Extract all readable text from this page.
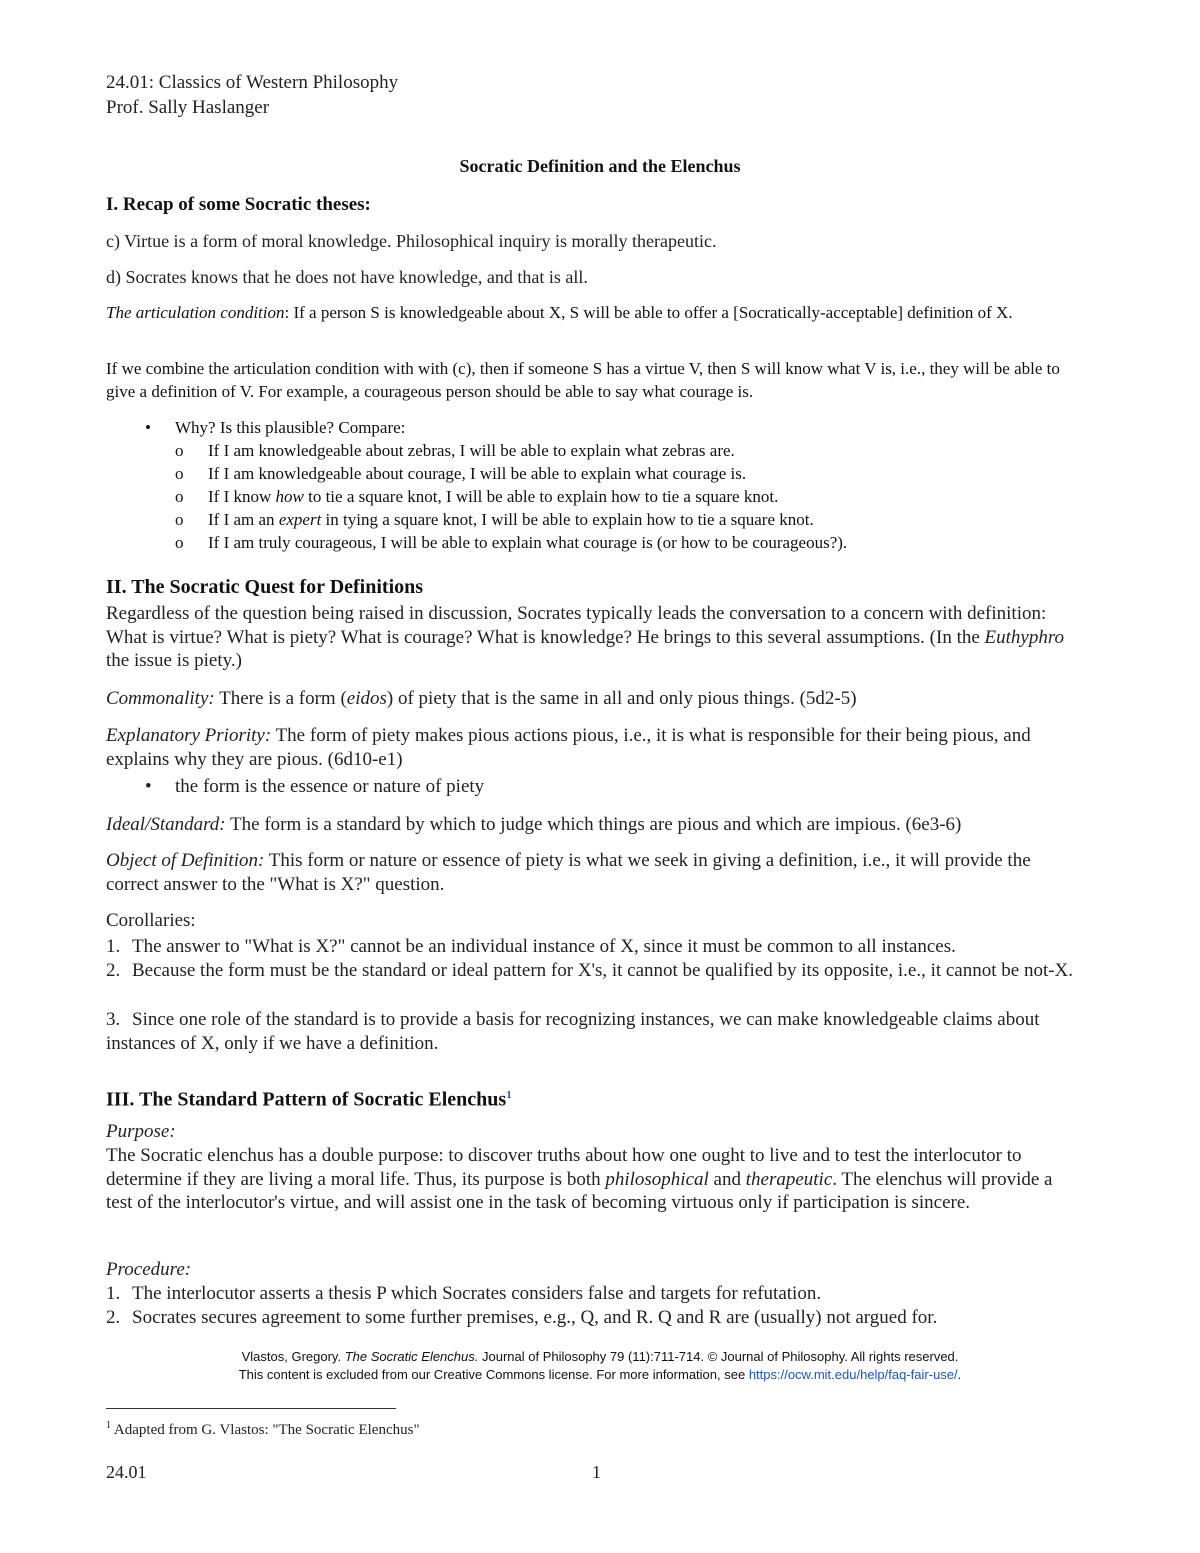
24.01: Classics of Western Philosophy
Prof. Sally Haslanger
Socratic Definition and the Elenchus
I. Recap of some Socratic theses:
c) Virtue is a form of moral knowledge. Philosophical inquiry is morally therapeutic.
d) Socrates knows that he does not have knowledge, and that is all.
The articulation condition: If a person S is knowledgeable about X, S will be able to offer a [Socratically-acceptable] definition of X.
If we combine the articulation condition with with (c), then if someone S has a virtue V, then S will know what V is, i.e., they will be able to give a definition of V. For example, a courageous person should be able to say what courage is.
• Why? Is this plausible? Compare:
o If I am knowledgeable about zebras, I will be able to explain what zebras are.
o If I am knowledgeable about courage, I will be able to explain what courage is.
o If I know how to tie a square knot, I will be able to explain how to tie a square knot.
o If I am an expert in tying a square knot, I will be able to explain how to tie a square knot.
o If I am truly courageous, I will be able to explain what courage is (or how to be courageous?).
II. The Socratic Quest for Definitions
Regardless of the question being raised in discussion, Socrates typically leads the conversation to a concern with definition: What is virtue? What is piety? What is courage? What is knowledge? He brings to this several assumptions. (In the Euthyphro the issue is piety.)
Commonality: There is a form (eidos) of piety that is the same in all and only pious things. (5d2-5)
Explanatory Priority: The form of piety makes pious actions pious, i.e., it is what is responsible for their being pious, and explains why they are pious. (6d10-e1)
• the form is the essence or nature of piety
Ideal/Standard: The form is a standard by which to judge which things are pious and which are impious. (6e3-6)
Object of Definition: This form or nature or essence of piety is what we seek in giving a definition, i.e., it will provide the correct answer to the "What is X?" question.
Corollaries:
1. The answer to "What is X?" cannot be an individual instance of X, since it must be common to all instances.
2. Because the form must be the standard or ideal pattern for X's, it cannot be qualified by its opposite, i.e., it cannot be not-X.
3. Since one role of the standard is to provide a basis for recognizing instances, we can make knowledgeable claims about instances of X, only if we have a definition.
III. The Standard Pattern of Socratic Elenchus$^1$
Purpose:
The Socratic elenchus has a double purpose: to discover truths about how one ought to live and to test the interlocutor to determine if they are living a moral life. Thus, its purpose is both philosophical and therapeutic. The elenchus will provide a test of the interlocutor's virtue, and will assist one in the task of becoming virtuous only if participation is sincere.
Procedure:
1. The interlocutor asserts a thesis P which Socrates considers false and targets for refutation.
2. Socrates secures agreement to some further premises, e.g., Q, and R. Q and R are (usually) not argued for.
Vlastos, Gregory. The Socratic Elenchus. Journal of Philosophy 79 (11):711-714. © Journal of Philosophy. All rights reserved.
This content is excluded from our Creative Commons license. For more information, see https://ocw.mit.edu/help/faq-fair-use/.
$^1$ Adapted from G. Vlastos: "The Socratic Elenchus"
24.01	1
